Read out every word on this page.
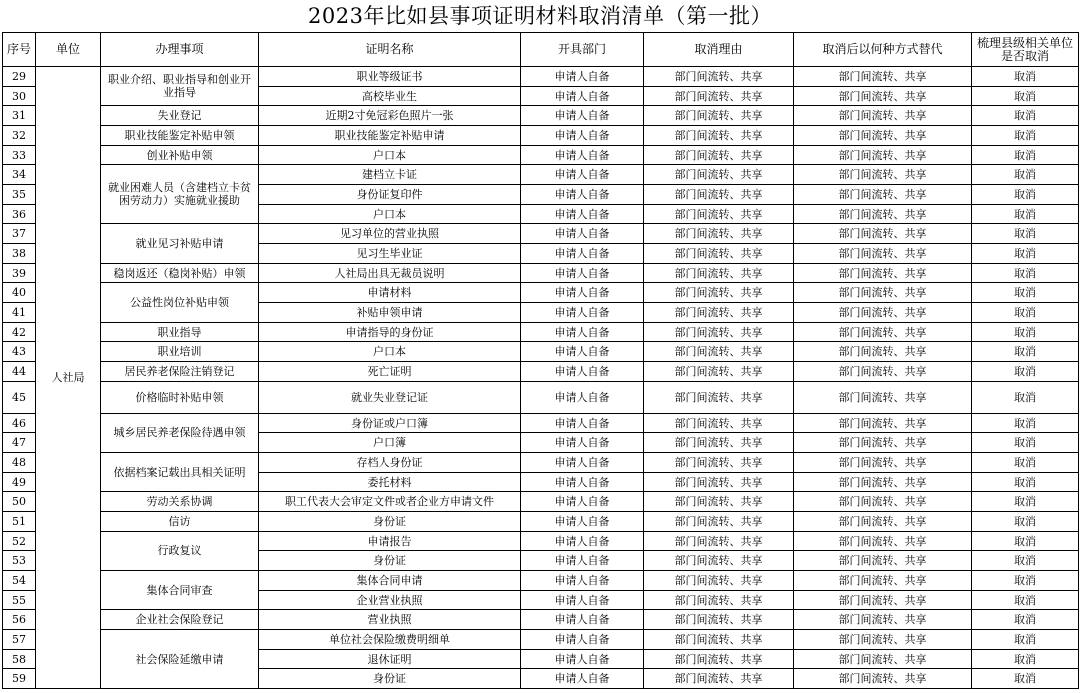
2023年比如县事项证明材料取消清单（第一批）
序号	单位	办理事项	证明名称	开具部门	取消理由	取消后以何种方式替代	梳理县级相关单位是否取消
29	人社局	职业介绍、职业指导和创业开业指导	职业等级证书	申请人自备	部门间流转、共享	部门间流转、共享	取消
30			高校毕业生	申请人自备	部门间流转、共享	部门间流转、共享	取消
31		失业登记	近期2寸免冠彩色照片一张	申请人自备	部门间流转、共享	部门间流转、共享	取消
32		职业技能鉴定补贴申领	职业技能鉴定补贴申请	申请人自备	部门间流转、共享	部门间流转、共享	取消
33		创业补贴申领	户口本	申请人自备	部门间流转、共享	部门间流转、共享	取消
34		就业困难人员（含建档立卡贫困劳动力）实施就业援助	建档立卡证	申请人自备	部门间流转、共享	部门间流转、共享	取消
35			身份证复印件	申请人自备	部门间流转、共享	部门间流转、共享	取消
36			户口本	申请人自备	部门间流转、共享	部门间流转、共享	取消
37		就业见习补贴申请	见习单位的营业执照	申请人自备	部门间流转、共享	部门间流转、共享	取消
38			见习生毕业证	申请人自备	部门间流转、共享	部门间流转、共享	取消
39		稳岗返还（稳岗补贴）申领	人社局出具无裁员说明	申请人自备	部门间流转、共享	部门间流转、共享	取消
40		公益性岗位补贴申领	申请材料	申请人自备	部门间流转、共享	部门间流转、共享	取消
41			补贴申领申请	申请人自备	部门间流转、共享	部门间流转、共享	取消
42		职业指导	申请指导的身份证	申请人自备	部门间流转、共享	部门间流转、共享	取消
43		职业培训	户口本	申请人自备	部门间流转、共享	部门间流转、共享	取消
44		居民养老保险注销登记	死亡证明	申请人自备	部门间流转、共享	部门间流转、共享	取消
45		价格临时补贴申领	就业失业登记证	申请人自备	部门间流转、共享	部门间流转、共享	取消
46		城乡居民养老保险待遇申领	身份证或户口簿	申请人自备	部门间流转、共享	部门间流转、共享	取消
47			户口簿	申请人自备	部门间流转、共享	部门间流转、共享	取消
48		依据档案记载出具相关证明	存档人身份证	申请人自备	部门间流转、共享	部门间流转、共享	取消
49			委托材料	申请人自备	部门间流转、共享	部门间流转、共享	取消
50		劳动关系协调	职工代表大会审定文件或者企业方申请文件	申请人自备	部门间流转、共享	部门间流转、共享	取消
51		信访	身份证	申请人自备	部门间流转、共享	部门间流转、共享	取消
52		行政复议	申请报告	申请人自备	部门间流转、共享	部门间流转、共享	取消
53			身份证	申请人自备	部门间流转、共享	部门间流转、共享	取消
54		集体合同审查	集体合同申请	申请人自备	部门间流转、共享	部门间流转、共享	取消
55			企业营业执照	申请人自备	部门间流转、共享	部门间流转、共享	取消
56		企业社会保险登记	营业执照	申请人自备	部门间流转、共享	部门间流转、共享	取消
57		社会保险延缴申请	单位社会保险缴费明细单	申请人自备	部门间流转、共享	部门间流转、共享	取消
58			退休证明	申请人自备	部门间流转、共享	部门间流转、共享	取消
59			身份证	申请人自备	部门间流转、共享	部门间流转、共享	取消
